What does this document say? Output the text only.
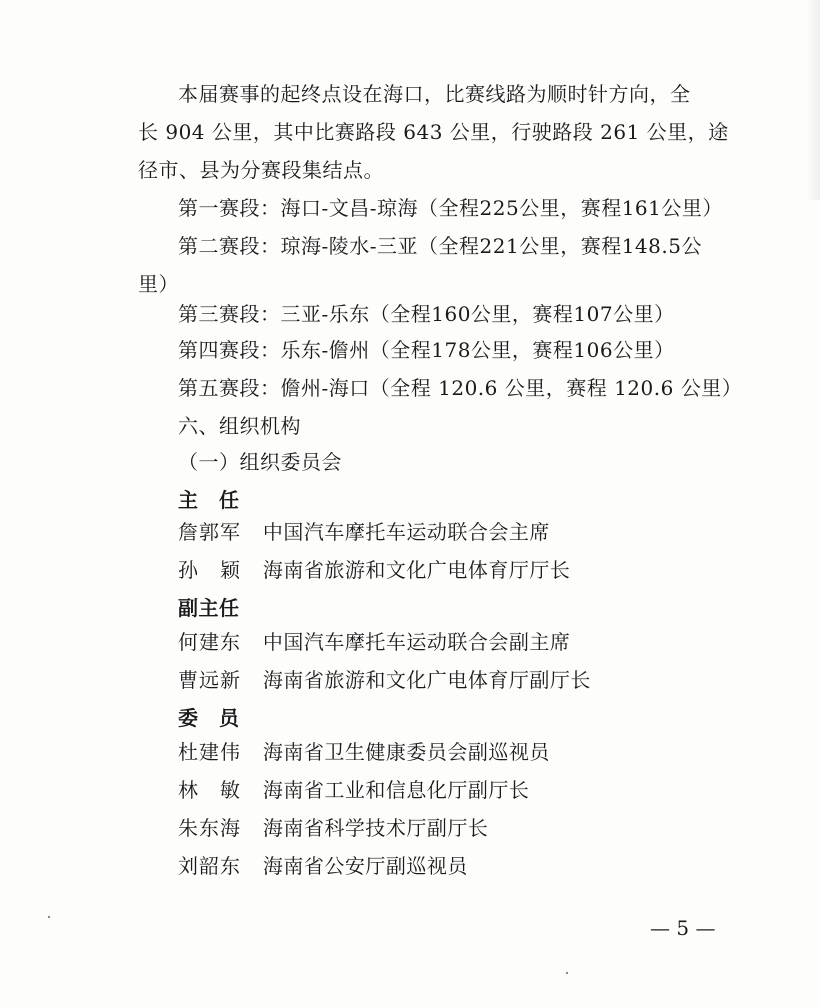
本届赛事的起终点设在海口，比赛线路为顺时针方向，全
长 904 公里，其中比赛路段 643 公里，行驶路段 261 公里，途
径市、县为分赛段集结点。
第一赛段：海口-文昌-琼海（全程225公里，赛程161公里）
第二赛段：琼海-陵水-三亚（全程221公里，赛程148.5公
里）
第三赛段：三亚-乐东（全程160公里，赛程107公里）
第四赛段：乐东-儋州（全程178公里，赛程106公里）
第五赛段：儋州-海口（全程 120.6 公里，赛程 120.6 公里）
六、组织机构
（一）组织委员会
主　任
詹郭军 中国汽车摩托车运动联合会主席
孙　颖 海南省旅游和文化广电体育厅厅长
副主任
何建东 中国汽车摩托车运动联合会副主席
曹远新 海南省旅游和文化广电体育厅副厅长
委　员
杜建伟 海南省卫生健康委员会副巡视员
林　敏 海南省工业和信息化厅副厅长
朱东海 海南省科学技术厅副厅长
刘韶东 海南省公安厅副巡视员
— 5 —
